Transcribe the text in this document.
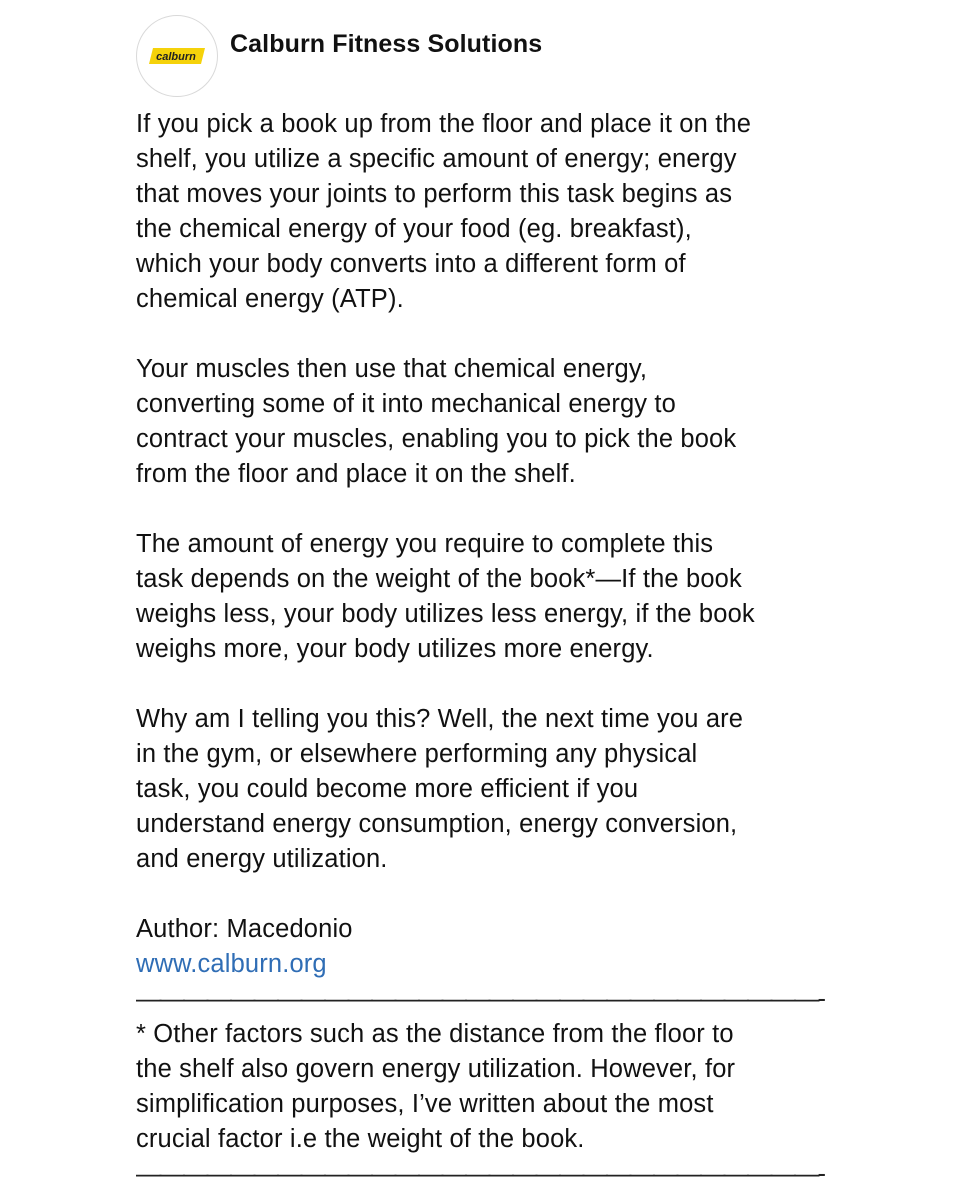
calburn Calburn Fitness Solutions

If you pick a book up from the floor and place it on the
shelf, you utilize a specific amount of energy; energy
that moves your joints to perform this task begins as
the chemical energy of your food (eg. breakfast),
which your body converts into a different form of
chemical energy (ATP).

Your muscles then use that chemical energy,
converting some of it into mechanical energy to
contract your muscles, enabling you to pick the book
from the floor and place it on the shelf.

The amount of energy you require to complete this
task depends on the weight of the book*—If the book
weighs less, your body utilizes less energy, if the book
weighs more, your body utilizes more energy.

Why am I telling you this? Well, the next time you are
in the gym, or elsewhere performing any physical
task, you could become more efficient if you
understand energy consumption, energy conversion,
and energy utilization.

Author: Macedonio

www.calburn.org
—————————————————————————————-

* Other factors such as the distance from the floor to
the shelf also govern energy utilization. However, for
simplification purposes, I’ve written about the most
crucial factor i.e the weight of the book.

—————————————————————————————-
